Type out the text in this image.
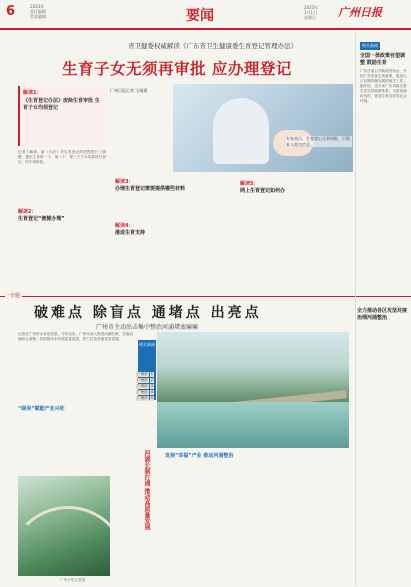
6	2023年
责任编辑
美术编辑	要闻
2023年
1月1日
星期日 广州日报
省卫健委权威解读《广东省卫生健康委生育登记管理办法》
生育子女无须再审批 应办理登记
解读1：
《生育登记办法》废除生育审批 生育子女均须登记
广州日报记者 王婧摄
专家表示，生育登记无须审批，只需本人提交信息。
记者了解到，新《办法》对生育登记的范围进行了调整，提出生育第一个、第二个、第三个子女均需进行登记，均不再审批。
解读2：
生育登记“便捷办理”
解读3：
办理生育登记需要提供哪些材料
解读4：
推进生育支持
解读5：
网上生育登记如何办
相关新闻
全国一孩政策有望调整 鼓励生育
广东日前召开新闻发布会，介绍广东优化生育政策，促进人口长期均衡发展的相关工作。据介绍，近年来广东持续完善生育支持政策体系，为家庭减轻负担，营造生育友好的社会环境。
一专题
破难点 除盲点 通堵点 出亮点
广州市主动出击集中整治河涌堵塞痛痛
记者从广州市水务局获悉，今年以来，广州市深入推进河湖长制，实施河涌综合治理，持续推动水环境质量改善，努力打造美丽宜居花城。
相关新闻
广州市 1
广州市 2
广州市 3
广州市 4
广州市 5
“绿美”赋能产业兴旺
发展“幸福”产业 推动河涌整治
河湖长制打通 推动高质量发展
广州日报记者摄
全力推动各区攻坚对接治理河涌整治
